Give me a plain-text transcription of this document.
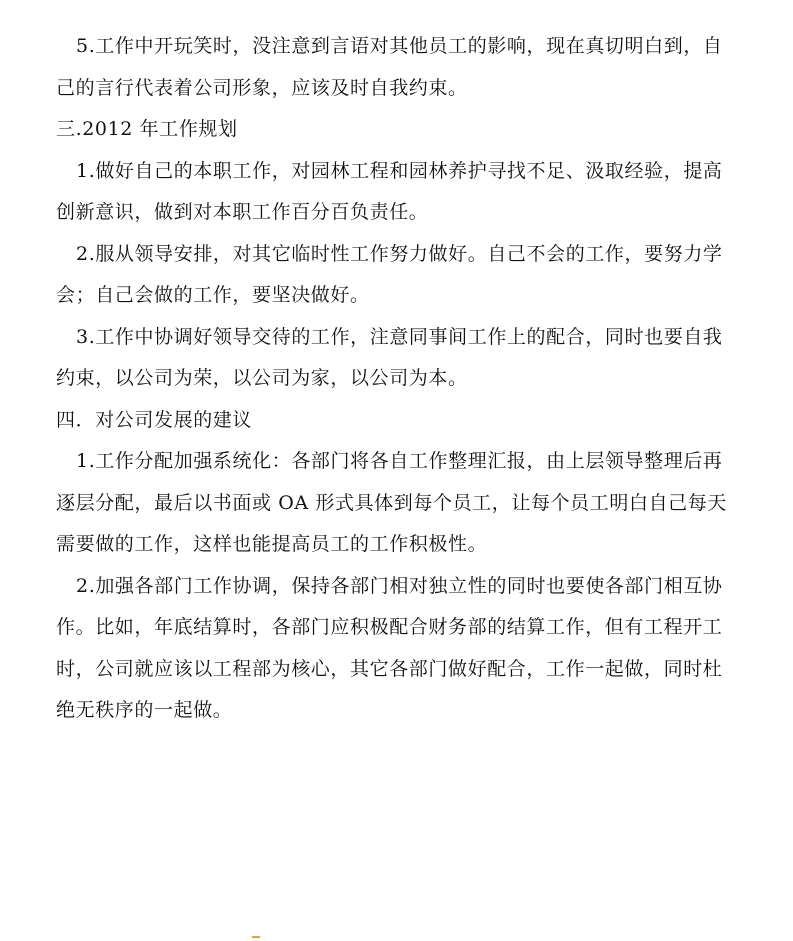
5.工作中开玩笑时，没注意到言语对其他员工的影响，现在真切明白到，自
己的言行代表着公司形象，应该及时自我约束。
三.2012 年工作规划
1.做好自己的本职工作，对园林工程和园林养护寻找不足、汲取经验，提高
创新意识，做到对本职工作百分百负责任。
2.服从领导安排，对其它临时性工作努力做好。自己不会的工作，要努力学
会；自己会做的工作，要坚决做好。
3.工作中协调好领导交待的工作，注意同事间工作上的配合，同时也要自我
约束，以公司为荣，以公司为家，以公司为本。
四．对公司发展的建议
1.工作分配加强系统化：各部门将各自工作整理汇报，由上层领导整理后再
逐层分配，最后以书面或 OA 形式具体到每个员工，让每个员工明白自己每天
需要做的工作，这样也能提高员工的工作积极性。
2.加强各部门工作协调，保持各部门相对独立性的同时也要使各部门相互协
作。比如，年底结算时，各部门应积极配合财务部的结算工作，但有工程开工
时，公司就应该以工程部为核心，其它各部门做好配合，工作一起做，同时杜
绝无秩序的一起做。
